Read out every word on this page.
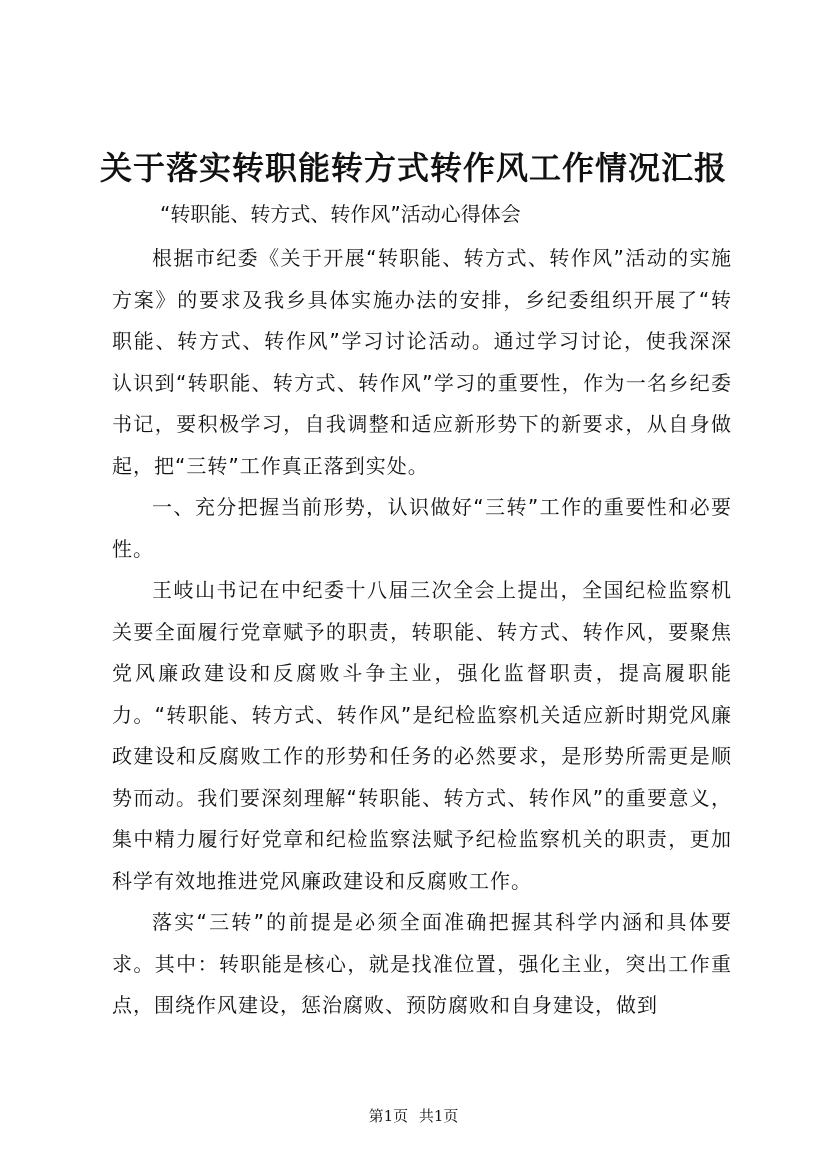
关于落实转职能转方式转作风工作情况汇报

“转职能、转方式、转作风”活动心得体会

根据市纪委《关于开展“转职能、转方式、转作风”活动的实施方案》的要求及我乡具体实施办法的安排，乡纪委组织开展了“转职能、转方式、转作风”学习讨论活动。通过学习讨论，使我深深认识到“转职能、转方式、转作风”学习的重要性，作为一名乡纪委书记，要积极学习，自我调整和适应新形势下的新要求，从自身做起，把“三转”工作真正落到实处。

一、充分把握当前形势，认识做好“三转”工作的重要性和必要性。

王岐山书记在中纪委十八届三次全会上提出，全国纪检监察机关要全面履行党章赋予的职责，转职能、转方式、转作风，要聚焦党风廉政建设和反腐败斗争主业，强化监督职责，提高履职能力。“转职能、转方式、转作风”是纪检监察机关适应新时期党风廉政建设和反腐败工作的形势和任务的必然要求，是形势所需更是顺势而动。我们要深刻理解“转职能、转方式、转作风”的重要意义，集中精力履行好党章和纪检监察法赋予纪检监察机关的职责，更加科学有效地推进党风廉政建设和反腐败工作。

落实“三转”的前提是必须全面准确把握其科学内涵和具体要求。其中：转职能是核心，就是找准位置，强化主业，突出工作重点，围绕作风建设，惩治腐败、预防腐败和自身建设，做到

第1页 共1页
